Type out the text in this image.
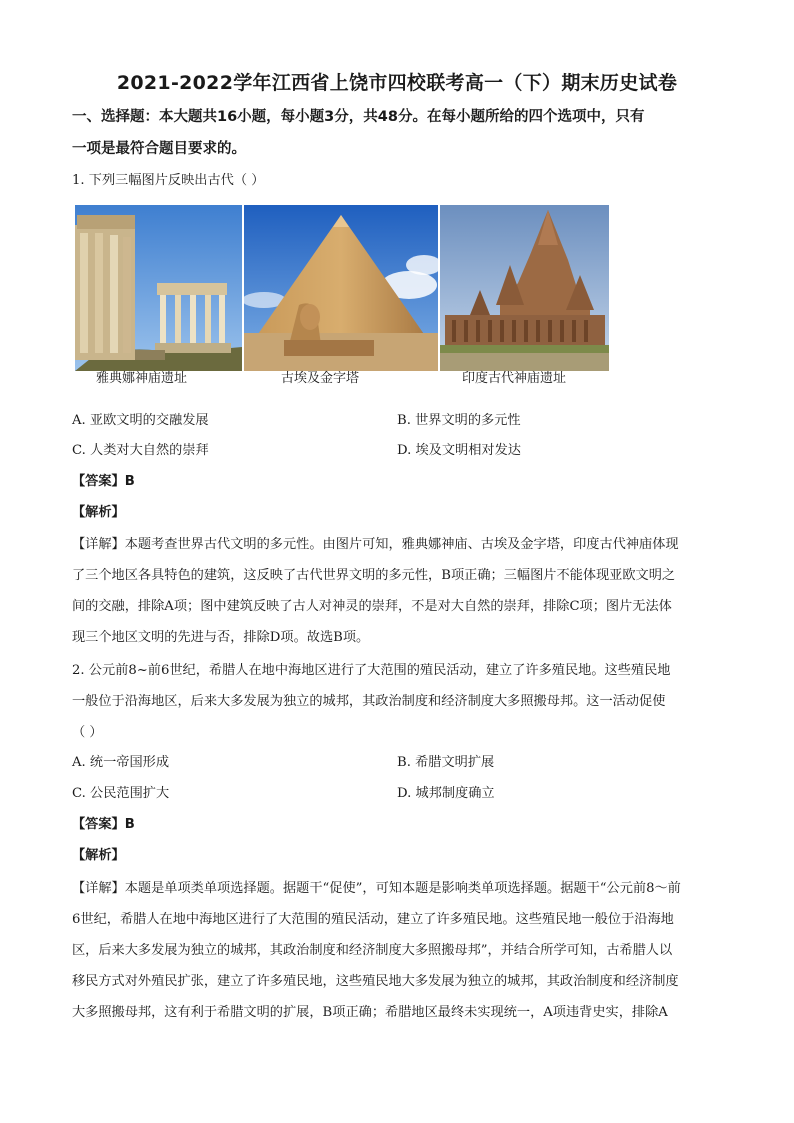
2021-2022学年江西省上饶市四校联考高一（下）期末历史试卷
一、选择题：本大题共16小题，每小题3分，共48分。在每小题所给的四个选项中，只有
一项是最符合题目要求的。
1. 下列三幅图片反映出古代（ ）
雅典娜神庙遗址	古埃及金字塔	印度古代神庙遗址
A. 亚欧文明的交融发展	B. 世界文明的多元性
C. 人类对大自然的崇拜	D. 埃及文明相对发达
【答案】B
【解析】
【详解】本题考查世界古代文明的多元性。由图片可知，雅典娜神庙、古埃及金字塔，印度古代神庙体现
了三个地区各具特色的建筑，这反映了古代世界文明的多元性，B项正确；三幅图片不能体现亚欧文明之
间的交融，排除A项；图中建筑反映了古人对神灵的崇拜，不是对大自然的崇拜，排除C项；图片无法体
现三个地区文明的先进与否，排除D项。故选B项。
2. 公元前8~前6世纪，希腊人在地中海地区进行了大范围的殖民活动，建立了许多殖民地。这些殖民地
一般位于沿海地区，后来大多发展为独立的城邦，其政治制度和经济制度大多照搬母邦。这一活动促使
（ ）
A. 统一帝国形成	B. 希腊文明扩展
C. 公民范围扩大	D. 城邦制度确立
【答案】B
【解析】
【详解】本题是单项类单项选择题。据题干“促使”，可知本题是影响类单项选择题。据题干“公元前8～前
6世纪，希腊人在地中海地区进行了大范围的殖民活动，建立了许多殖民地。这些殖民地一般位于沿海地
区，后来大多发展为独立的城邦，其政治制度和经济制度大多照搬母邦”，并结合所学可知，古希腊人以
移民方式对外殖民扩张，建立了许多殖民地，这些殖民地大多发展为独立的城邦，其政治制度和经济制度
大多照搬母邦，这有利于希腊文明的扩展，B项正确；希腊地区最终未实现统一，A项违背史实，排除A
